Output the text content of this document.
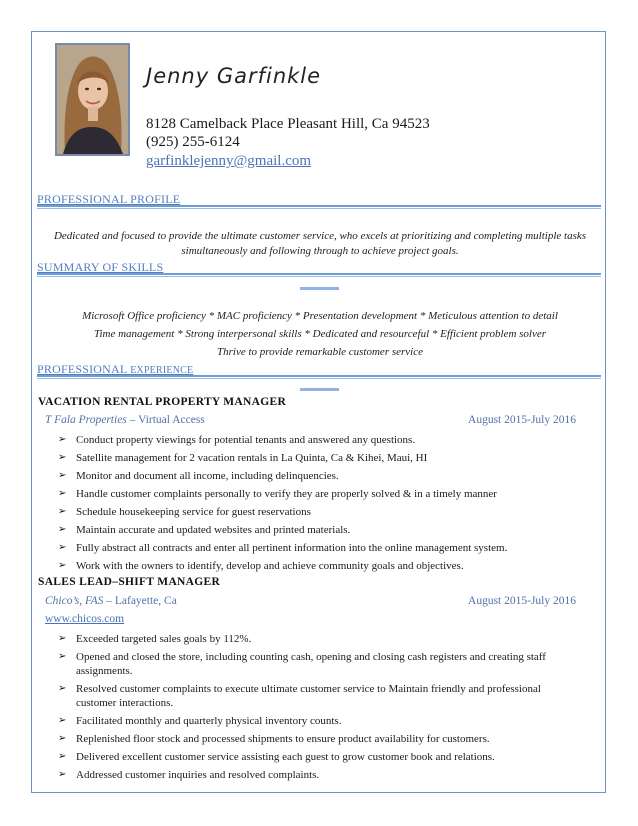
Jenny Garfinkle
8128 Camelback Place Pleasant Hill, Ca 94523
(925) 255-6124
garfinklejenny@gmail.com
PROFESSIONAL PROFILE
Dedicated and focused to provide the ultimate customer service, who excels at prioritizing and completing multiple tasks
simultaneously and following through to achieve project goals.
SUMMARY OF SKILLS
Microsoft Office proficiency * MAC proficiency * Presentation development * Meticulous attention to detail
Time management * Strong interpersonal skills * Dedicated and resourceful * Efficient problem solver
Thrive to provide remarkable customer service
PROFESSIONAL EXPERIENCE
VACATION RENTAL PROPERTY MANAGER
T Fala Properties – Virtual Access	August 2015-July 2016
➢ Conduct property viewings for potential tenants and answered any questions.
➢ Satellite management for 2 vacation rentals in La Quinta, Ca & Kihei, Maui, HI
➢ Monitor and document all income, including delinquencies.
➢ Handle customer complaints personally to verify they are properly solved & in a timely manner
➢ Schedule housekeeping service for guest reservations
➢ Maintain accurate and updated websites and printed materials.
➢ Fully abstract all contracts and enter all pertinent information into the online management system.
➢ Work with the owners to identify, develop and achieve community goals and objectives.
SALES LEAD–SHIFT MANAGER
Chico’s, FAS – Lafayette, Ca	August 2015-July 2016
www.chicos.com
➢ Exceeded targeted sales goals by 112%.
➢ Opened and closed the store, including counting cash, opening and closing cash registers and creating staff assignments.
➢ Resolved customer complaints to execute ultimate customer service to Maintain friendly and professional customer interactions.
➢ Facilitated monthly and quarterly physical inventory counts.
➢ Replenished floor stock and processed shipments to ensure product availability for customers.
➢ Delivered excellent customer service assisting each guest to grow customer book and relations.
➢ Addressed customer inquiries and resolved complaints.
